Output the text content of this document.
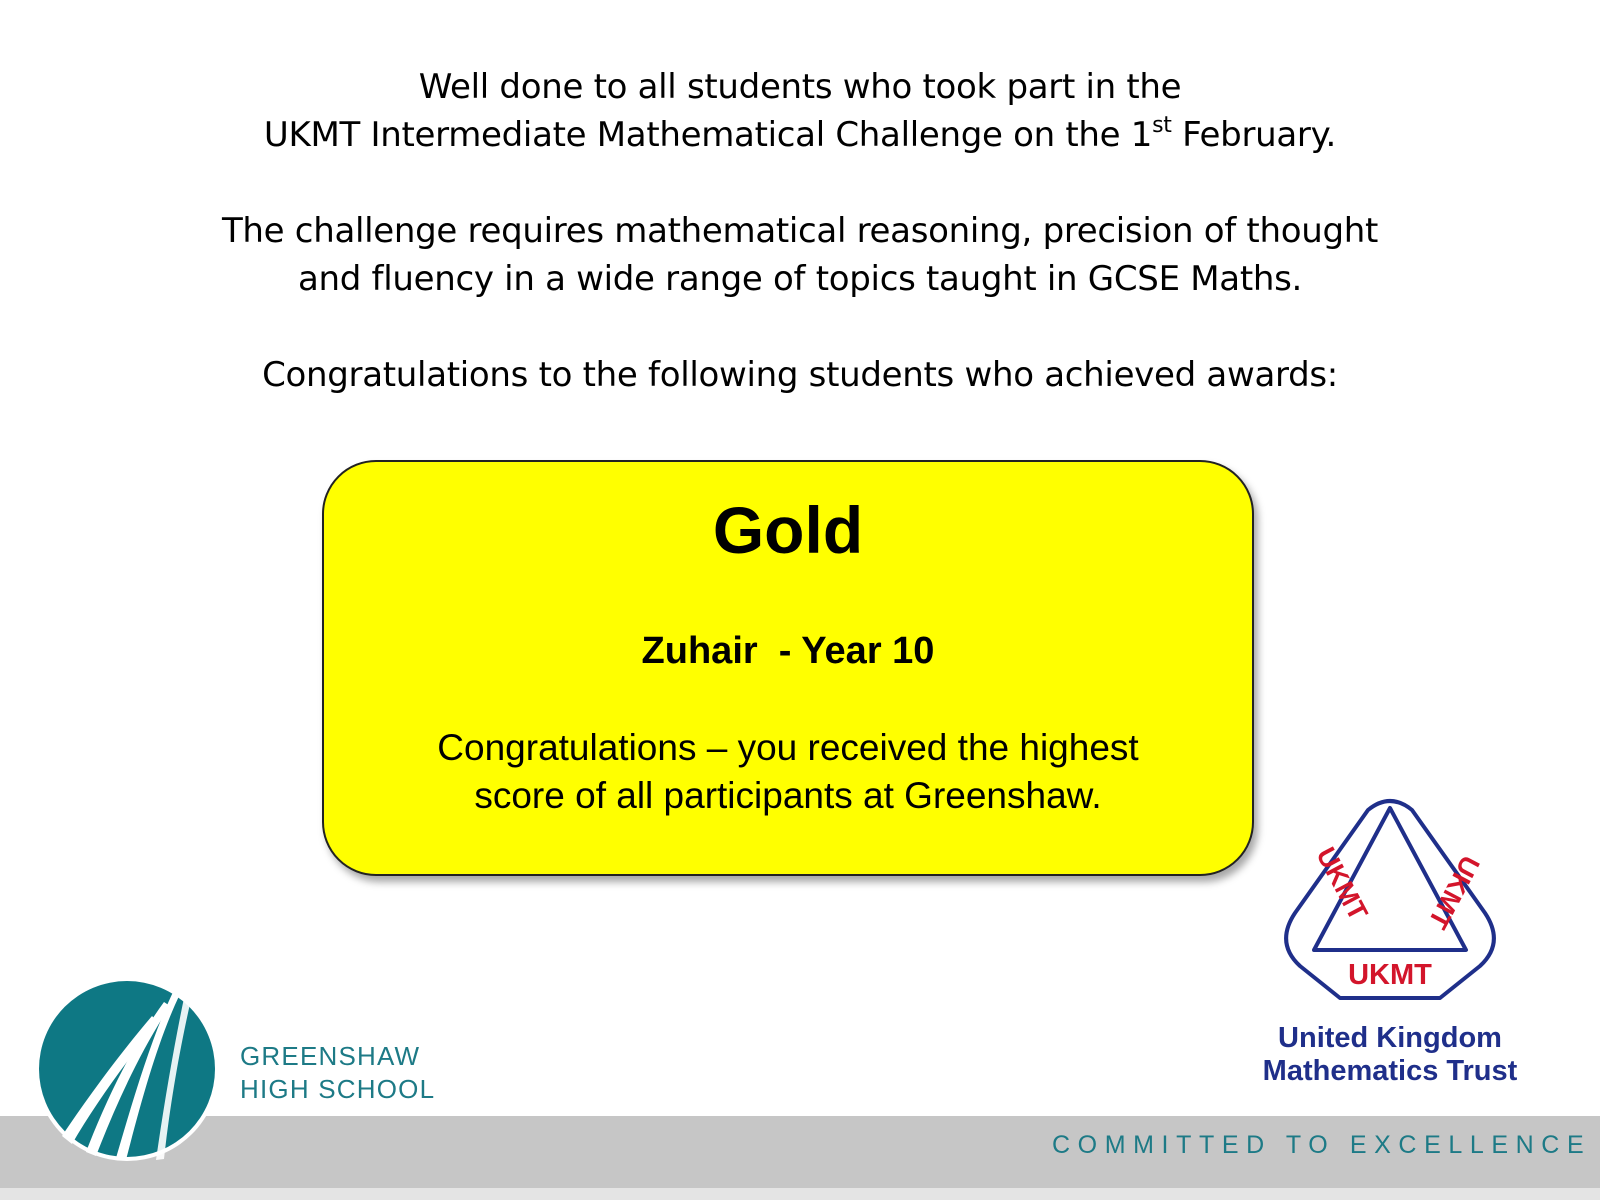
Well done to all students who took part in the
UKMT Intermediate Mathematical Challenge on the 1st February.
The challenge requires mathematical reasoning, precision of thought
and fluency in a wide range of topics taught in GCSE Maths.
Congratulations to the following students who achieved awards:
Gold
Zuhair  - Year 10
Congratulations – you received the highest
score of all participants at Greenshaw.
UKMT UKMT
UKMT
United Kingdom
Mathematics Trust
COMMITTED TO EXCELLENCE
GREENSHAW
HIGH SCHOOL
